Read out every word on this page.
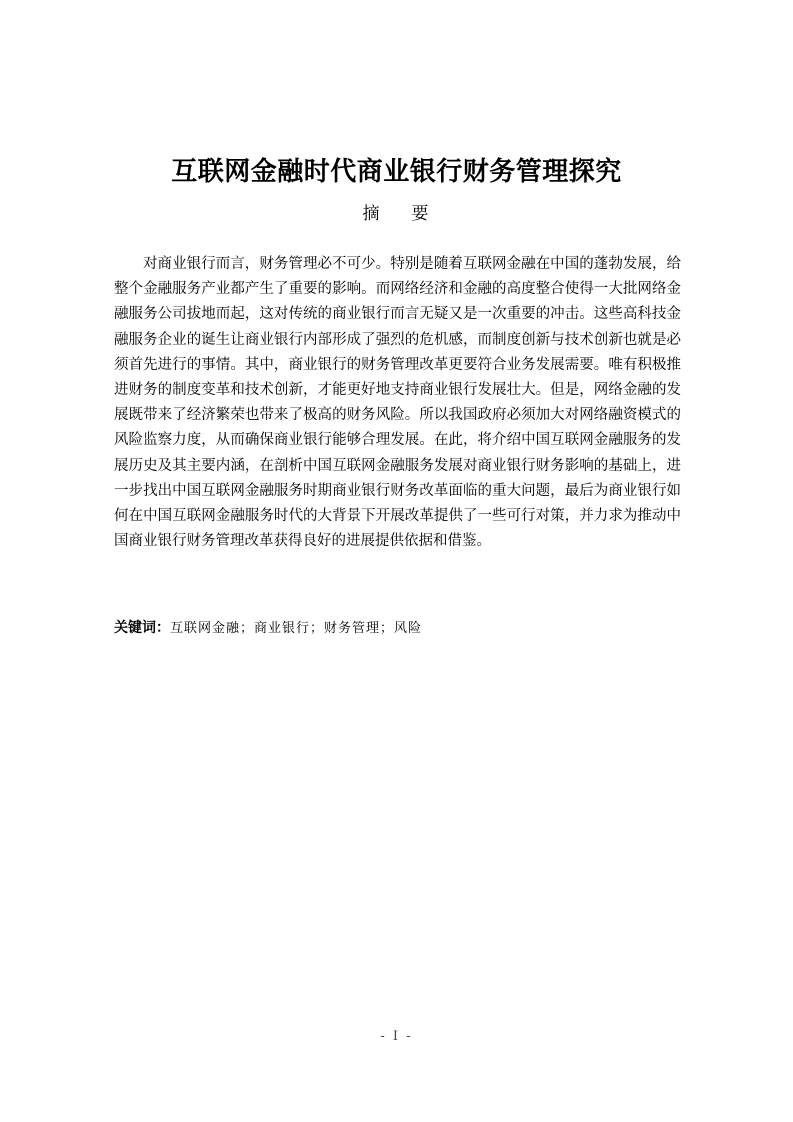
互联网金融时代商业银行财务管理探究
摘 要

对商业银行而言，财务管理必不可少。特别是随着互联网金融在中国的蓬勃发展，给整个金融服务产业都产生了重要的影响。而网络经济和金融的高度整合使得一大批网络金融服务公司拔地而起，这对传统的商业银行而言无疑又是一次重要的冲击。这些高科技金融服务企业的诞生让商业银行内部形成了强烈的危机感，而制度创新与技术创新也就是必须首先进行的事情。其中，商业银行的财务管理改革更要符合业务发展需要。唯有积极推进财务的制度变革和技术创新，才能更好地支持商业银行发展壮大。但是，网络金融的发展既带来了经济繁荣也带来了极高的财务风险。所以我国政府必须加大对网络融资模式的风险监察力度，从而确保商业银行能够合理发展。在此，将介绍中国互联网金融服务的发展历史及其主要内涵，在剖析中国互联网金融服务发展对商业银行财务影响的基础上，进一步找出中国互联网金融服务时期商业银行财务改革面临的重大问题，最后为商业银行如何在中国互联网金融服务时代的大背景下开展改革提供了一些可行对策，并力求为推动中国商业银行财务管理改革获得良好的进展提供依据和借鉴。

关键词：互联网金融；商业银行；财务管理；风险
- I -
